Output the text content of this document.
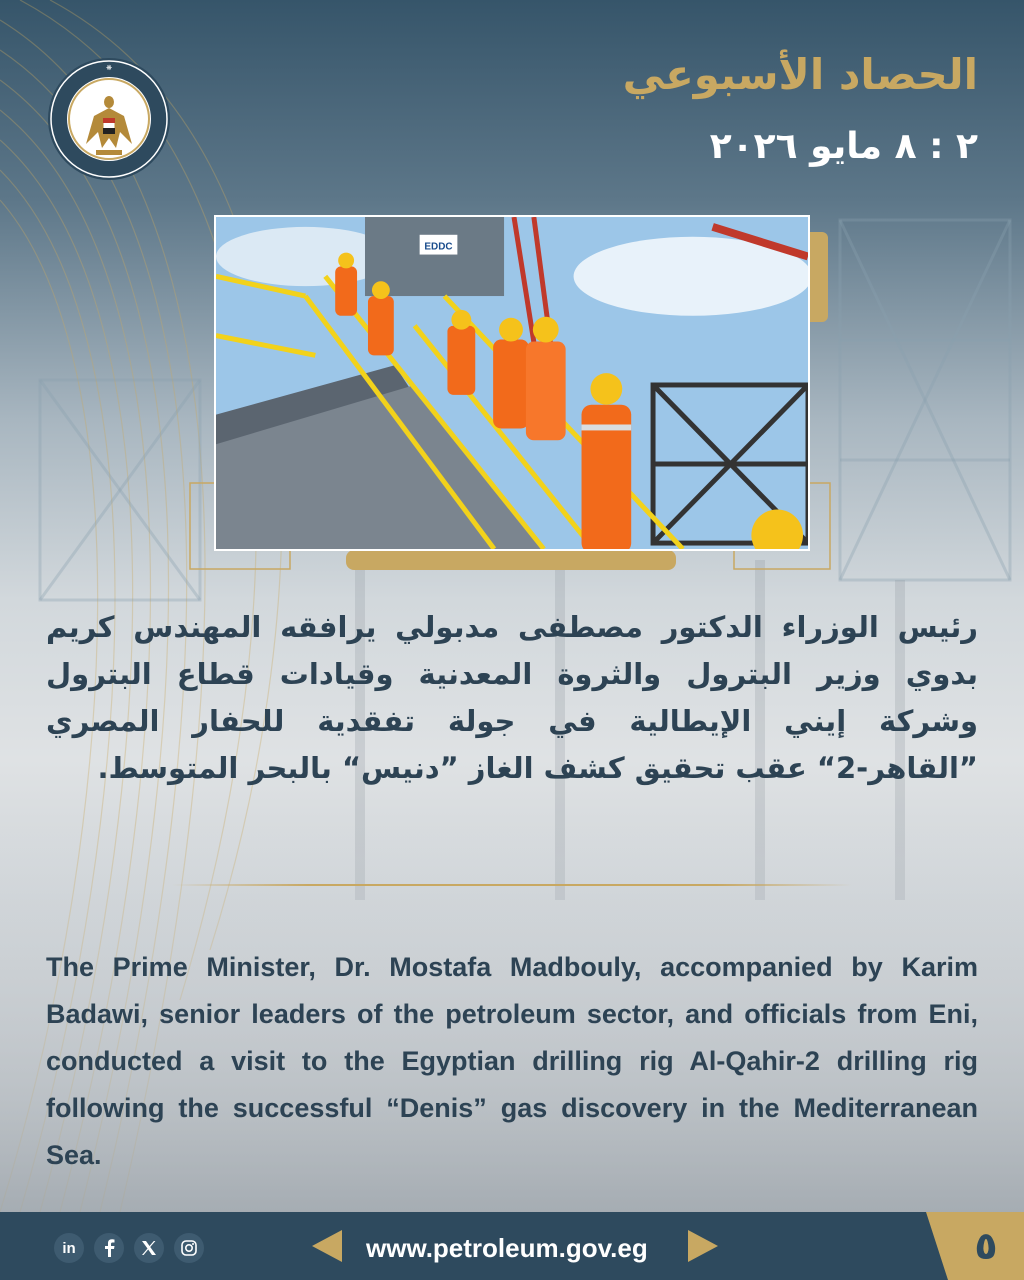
❋	الحصاد الأسبوعي
٢ : ٨ مايو ٢٠٢٦
EDDC

رئيس الوزراء الدكتور مصطفى مدبولي يرافقه المهندس كريم بدوي وزير البترول والثروة المعدنية وقيادات قطاع البترول وشركة إيني الإيطالية في جولة تفقدية للحفار المصري ”القاهر-2“ عقب تحقيق كشف الغاز ”دنيس“ بالبحر المتوسط.

The Prime Minister, Dr. Mostafa Madbouly, accompanied by Karim Badawi, senior leaders of the petroleum sector, and officials from Eni, conducted a visit to the Egyptian drilling rig Al-Qahir-2 drilling rig following the successful “Denis” gas discovery in the Mediterranean Sea.

in	www.petroleum.gov.eg	٥
